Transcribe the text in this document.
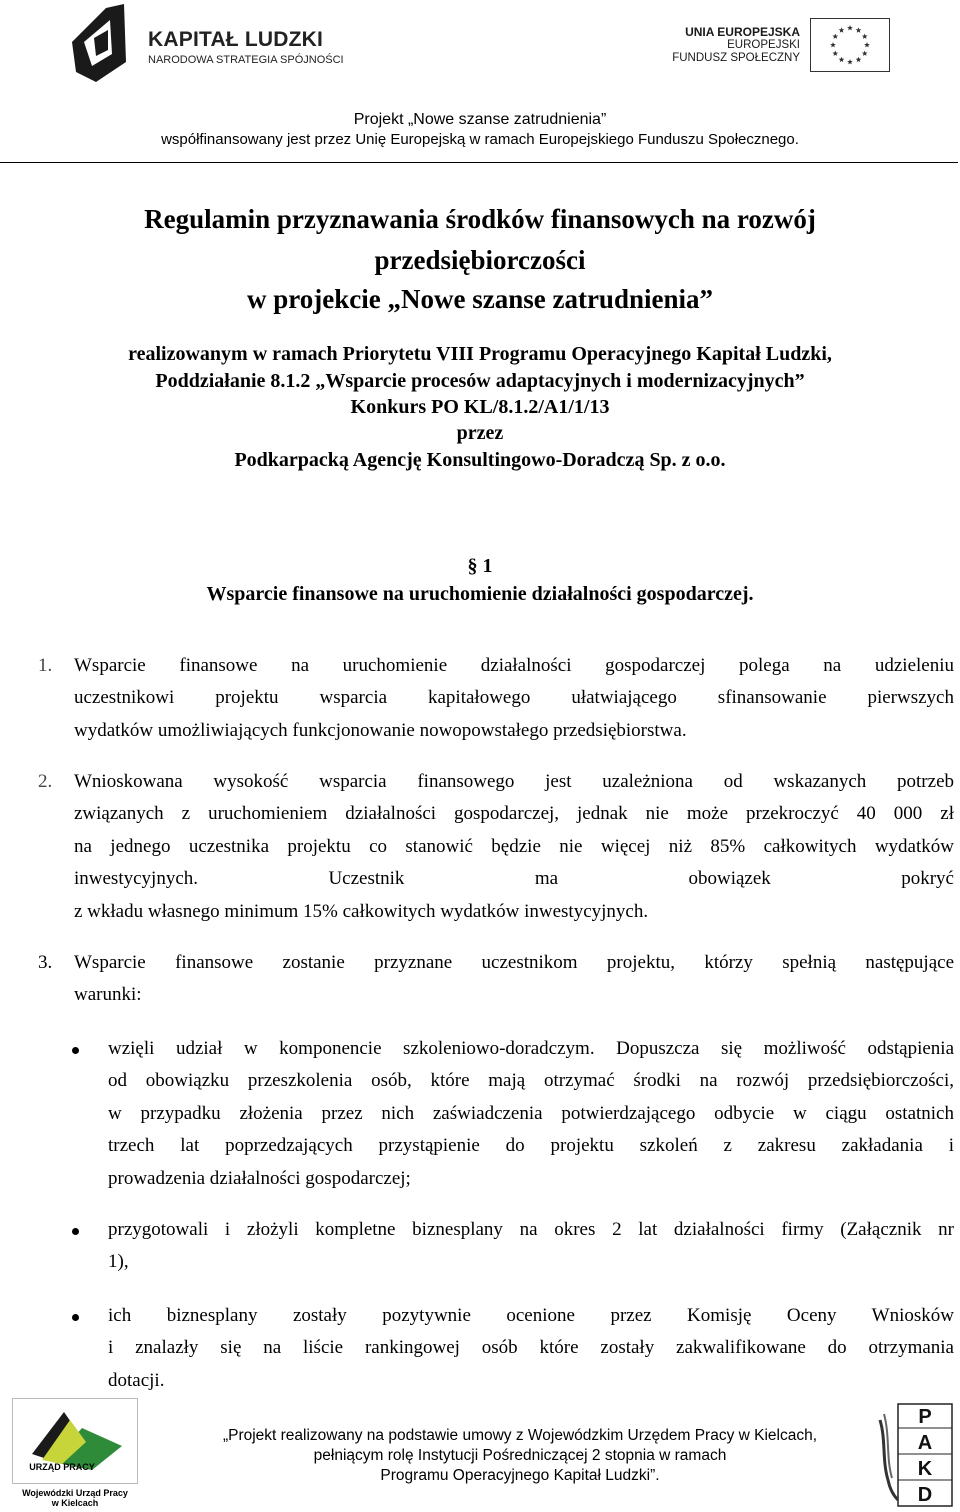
KAPITAŁ LUDZKI
NARODOWA STRATEGIA SPÓJNOŚCI
UNIA EUROPEJSKA
EUROPEJSKI
FUNDUSZ SPOŁECZNY
Projekt „Nowe szanse zatrudnienia”
współfinansowany jest przez Unię Europejską w ramach Europejskiego Funduszu Społecznego.
Regulamin przyznawania środków finansowych na rozwój
przedsiębiorczości
w projekcie „Nowe szanse zatrudnienia”
realizowanym w ramach Priorytetu VIII Programu Operacyjnego Kapitał Ludzki,
Poddziałanie 8.1.2 „Wsparcie procesów adaptacyjnych i modernizacyjnych”
Konkurs PO KL/8.1.2/A1/1/13
przez
Podkarpacką Agencję Konsultingowo-Doradczą Sp. z o.o.
§ 1
Wsparcie finansowe na uruchomienie działalności gospodarczej.
1. Wsparcie finansowe na uruchomienie działalności gospodarczej polega na udzieleniu
uczestnikowi projektu wsparcia kapitałowego ułatwiającego sfinansowanie pierwszych
wydatków umożliwiających funkcjonowanie nowopowstałego przedsiębiorstwa.
2. Wnioskowana wysokość wsparcia finansowego jest uzależniona od wskazanych potrzeb
związanych z uruchomieniem działalności gospodarczej, jednak nie może przekroczyć 40 000 zł
na jednego uczestnika projektu co stanowić będzie nie więcej niż 85% całkowitych wydatków
inwestycyjnych. Uczestnik ma obowiązek pokryć
z wkładu własnego minimum 15% całkowitych wydatków inwestycyjnych.
3. Wsparcie finansowe zostanie przyznane uczestnikom projektu, którzy spełnią następujące
warunki:
wzięli udział w komponencie szkoleniowo-doradczym. Dopuszcza się możliwość odstąpienia
od obowiązku przeszkolenia osób, które mają otrzymać środki na rozwój przedsiębiorczości,
w przypadku złożenia przez nich zaświadczenia potwierdzającego odbycie w ciągu ostatnich
trzech lat poprzedzających przystąpienie do projektu szkoleń z zakresu zakładania i
prowadzenia działalności gospodarczej;
przygotowali i złożyli kompletne biznesplany na okres 2 lat działalności firmy (Załącznik nr
1),
ich biznesplany zostały pozytywnie ocenione przez Komisję Oceny Wniosków
i znalazły się na liście rankingowej osób które zostały zakwalifikowane do otrzymania
dotacji.
URZĄD PRACY
Wojewódzki Urząd Pracy
w Kielcach
„Projekt realizowany na podstawie umowy z Wojewódzkim Urzędem Pracy w Kielcach,
pełniącym rolę Instytucji Pośredniczącej 2 stopnia w ramach
Programu Operacyjnego Kapitał Ludzki”.
P
A
K
D
